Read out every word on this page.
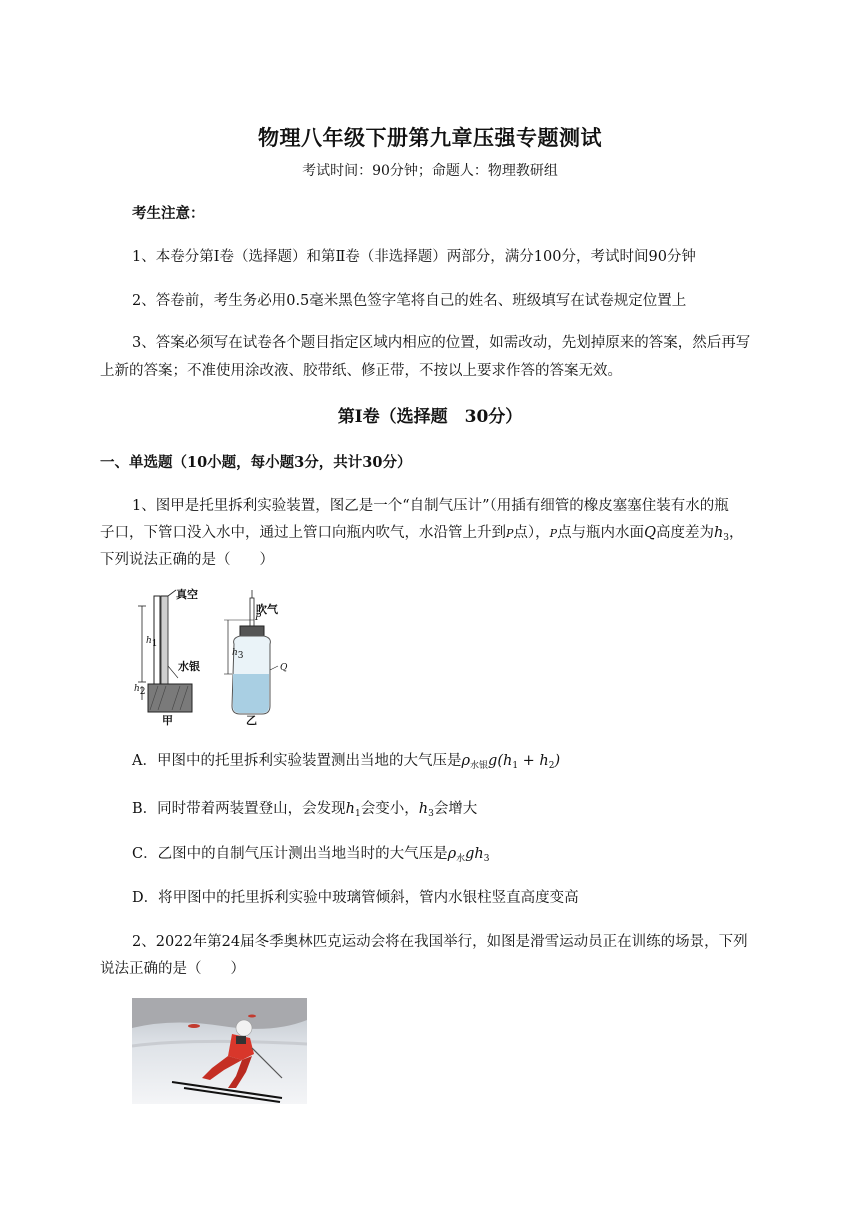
物理八年级下册第九章压强专题测试
考试时间：90分钟；命题人：物理教研组
考生注意：
1、本卷分第Ⅰ卷（选择题）和第Ⅱ卷（非选择题）两部分，满分100分，考试时间90分钟
2、答卷前，考生务必用0.5毫米黑色签字笔将自己的姓名、班级填写在试卷规定位置上
3、答案必须写在试卷各个题目指定区域内相应的位置，如需改动，先划掉原来的答案，然后再写
上新的答案；不准使用涂改液、胶带纸、修正带，不按以上要求作答的答案无效。
第Ⅰ卷（选择题　30分）
一、单选题（10小题，每小题3分，共计30分）
1、图甲是托里拆利实验装置，图乙是一个“自制气压计”（用插有细管的橡皮塞塞住装有水的瓶
子口，下管口没入水中，通过上管口向瓶内吹气，水沿管上升到P点），P点与瓶内水面Q高度差为$h_3$，
下列说法正确的是（　　）
真空
水银
吹气
$h_1$
$h_2$
$h_3$
P
Q
甲	乙
A．甲图中的托里拆利实验装置测出当地的大气压是$\rho_{水银}g(h_1 + h_2)$
B．同时带着两装置登山，会发现$h_1$会变小，$h_3$会增大
C．乙图中的自制气压计测出当地当时的大气压是$\rho_水gh_3$
D．将甲图中的托里拆利实验中玻璃管倾斜，管内水银柱竖直高度变高
2、2022年第24届冬季奥林匹克运动会将在我国举行，如图是滑雪运动员正在训练的场景，下列
说法正确的是（　　）
